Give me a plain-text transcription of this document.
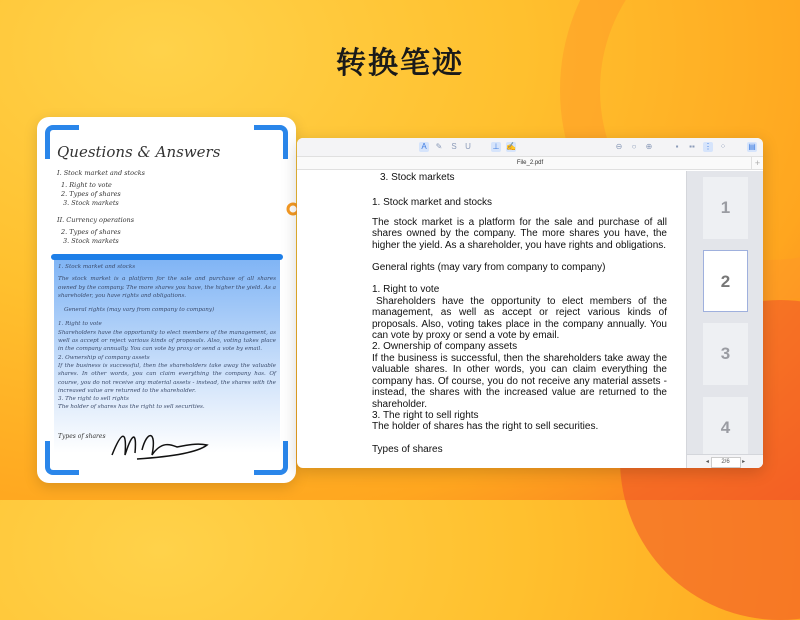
转换笔迹
Questions & Answers
I. Stock market and stocks
1. Right to vote
2. Types of shares
3. Stock markets
II. Currency operations
2. Types of shares
3. Stock markets

1. Stock market and stocks

The stock market is a platform for the sale and purchase of all shares owned by the company. The more shares you have, the higher the yield. As a shareholder, you have rights and obligations.

General rights (may vary from company to company)

1. Right to vote

Shareholders have the opportunity to elect members of the management, as well as accept or reject various kinds of proposals. Also, voting takes place in the company annually. You can vote by proxy or send a vote by email.

2. Ownership of company assets

If the business is successful, then the shareholders take away the valuable shares. In other words, you can claim everything the company has. Of course, you do not receive any material assets - instead, the shares with the increased value are returned to the shareholder.

3. The right to sell rights

The holder of shares has the right to sell securities.

Types of shares
A ✎ S U	⊥ ✍	⊖	○	⊕	▪	▪▪ ⋮ ⁘	▤
File_2.pdf	+

3. Stock markets

1. Stock market and stocks

The stock market is a platform for the sale and purchase of all shares owned by the company. The more shares you have, the higher the yield. As a shareholder, you have rights and obligations.

General rights (may vary from company to company)

1. Right to vote

Shareholders have the opportunity to elect members of the management, as well as accept or reject various kinds of proposals. Also, voting takes place in the company annually. You can vote by proxy or send a vote by email.

2. Ownership of company assets

If the business is successful, then the shareholders take away the valuable shares. In other words, you can claim everything the company has. Of course, you do not receive any material assets - instead, the shares with the increased value are returned to the shareholder.

3. The right to sell rights

The holder of shares has the right to sell securities.

Types of shares

1
2
3
4
◂ 2/6 ▸
